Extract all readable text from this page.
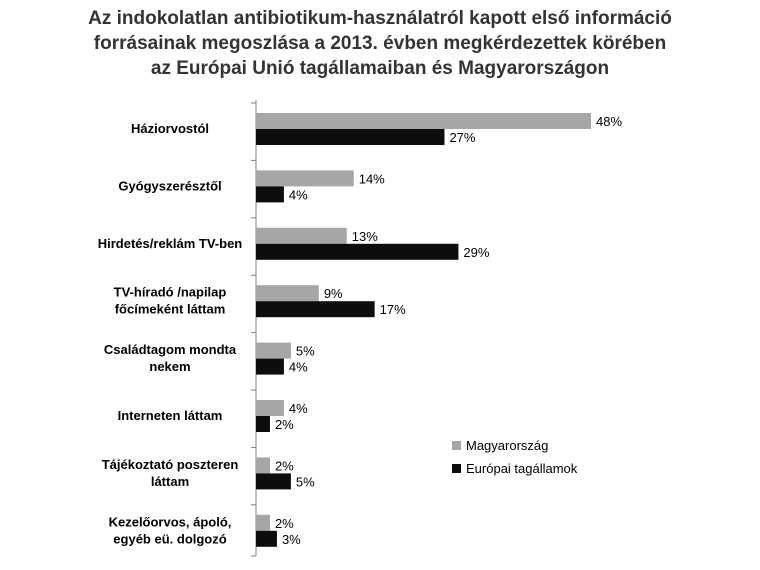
Az indokolatlan antibiotikum-használatról kapott első információ
forrásainak megoszlása a 2013. évben megkérdezettek körében
az Európai Unió tagállamaiban és Magyarországon
Háziorvostól	48%
27%
Gyógyszerésztől	14%
4%
Hirdetés/reklám TV-ben	13%
29%
TV-híradó /napilap
főcímeként láttam
9%
17%
Családtagom mondta
nekem
5%
4%
Interneten láttam	4%
2%
Tájékoztató poszteren
láttam
2%
5%
Kezelőorvos, ápoló,
egyéb eü. dolgozó
2%
3%
Magyarország
Európai tagállamok
